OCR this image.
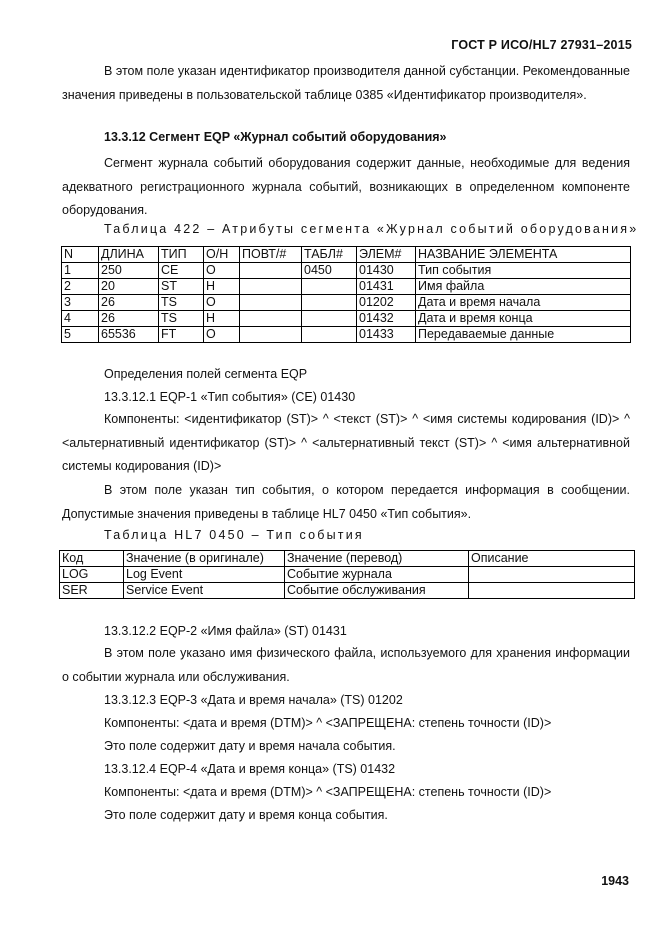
ГОСТ Р ИСО/HL7 27931–2015
В этом поле указан идентификатор производителя данной субстанции. Рекомендованные значения приведены в пользовательской таблице 0385 «Идентификатор производителя».
13.3.12 Сегмент EQP «Журнал событий оборудования»
Сегмент журнала событий оборудования содержит данные, необходимые для ведения адекватного регистрационного журнала событий, возникающих в определенном компоненте оборудования.
Таблица 422 – Атрибуты сегмента «Журнал событий оборудования»
N	ДЛИНА	ТИП	О/Н	ПОВТ/#	ТАБЛ#	ЭЛЕМ#	НАЗВАНИЕ ЭЛЕМЕНТА
1	250	CE	O		0450	01430	Тип события
2	20	ST	H			01431	Имя файла
3	26	TS	O			01202	Дата и время начала
4	26	TS	H			01432	Дата и время конца
5	65536	FT	O			01433	Передаваемые данные
Определения полей сегмента EQP
13.3.12.1 EQP-1 «Тип события» (CE) 01430
Компоненты: <идентификатор (ST)> ^ <текст (ST)> ^ <имя системы кодирования (ID)> ^ <альтернативный идентификатор (ST)> ^ <альтернативный текст (ST)> ^ <имя альтернативной системы кодирования (ID)>
В этом поле указан тип события, о котором передается информация в сообщении. Допустимые значения приведены в таблице HL7 0450 «Тип события».
Таблица HL7 0450 – Тип события
Код	Значение (в оригинале)	Значение (перевод)	Описание
LOG	Log Event	Событие журнала	
SER	Service Event	Событие обслуживания	
13.3.12.2 EQP-2 «Имя файла» (ST) 01431
В этом поле указано имя физического файла, используемого для хранения информации о событии журнала или обслуживания.
13.3.12.3 EQP-3 «Дата и время начала» (TS) 01202
Компоненты: <дата и время (DTM)> ^ <ЗАПРЕЩЕНА: степень точности (ID)>
Это поле содержит дату и время начала события.
13.3.12.4 EQP-4 «Дата и время конца» (TS) 01432
Компоненты: <дата и время (DTM)> ^ <ЗАПРЕЩЕНА: степень точности (ID)>
Это поле содержит дату и время конца события.
1943
